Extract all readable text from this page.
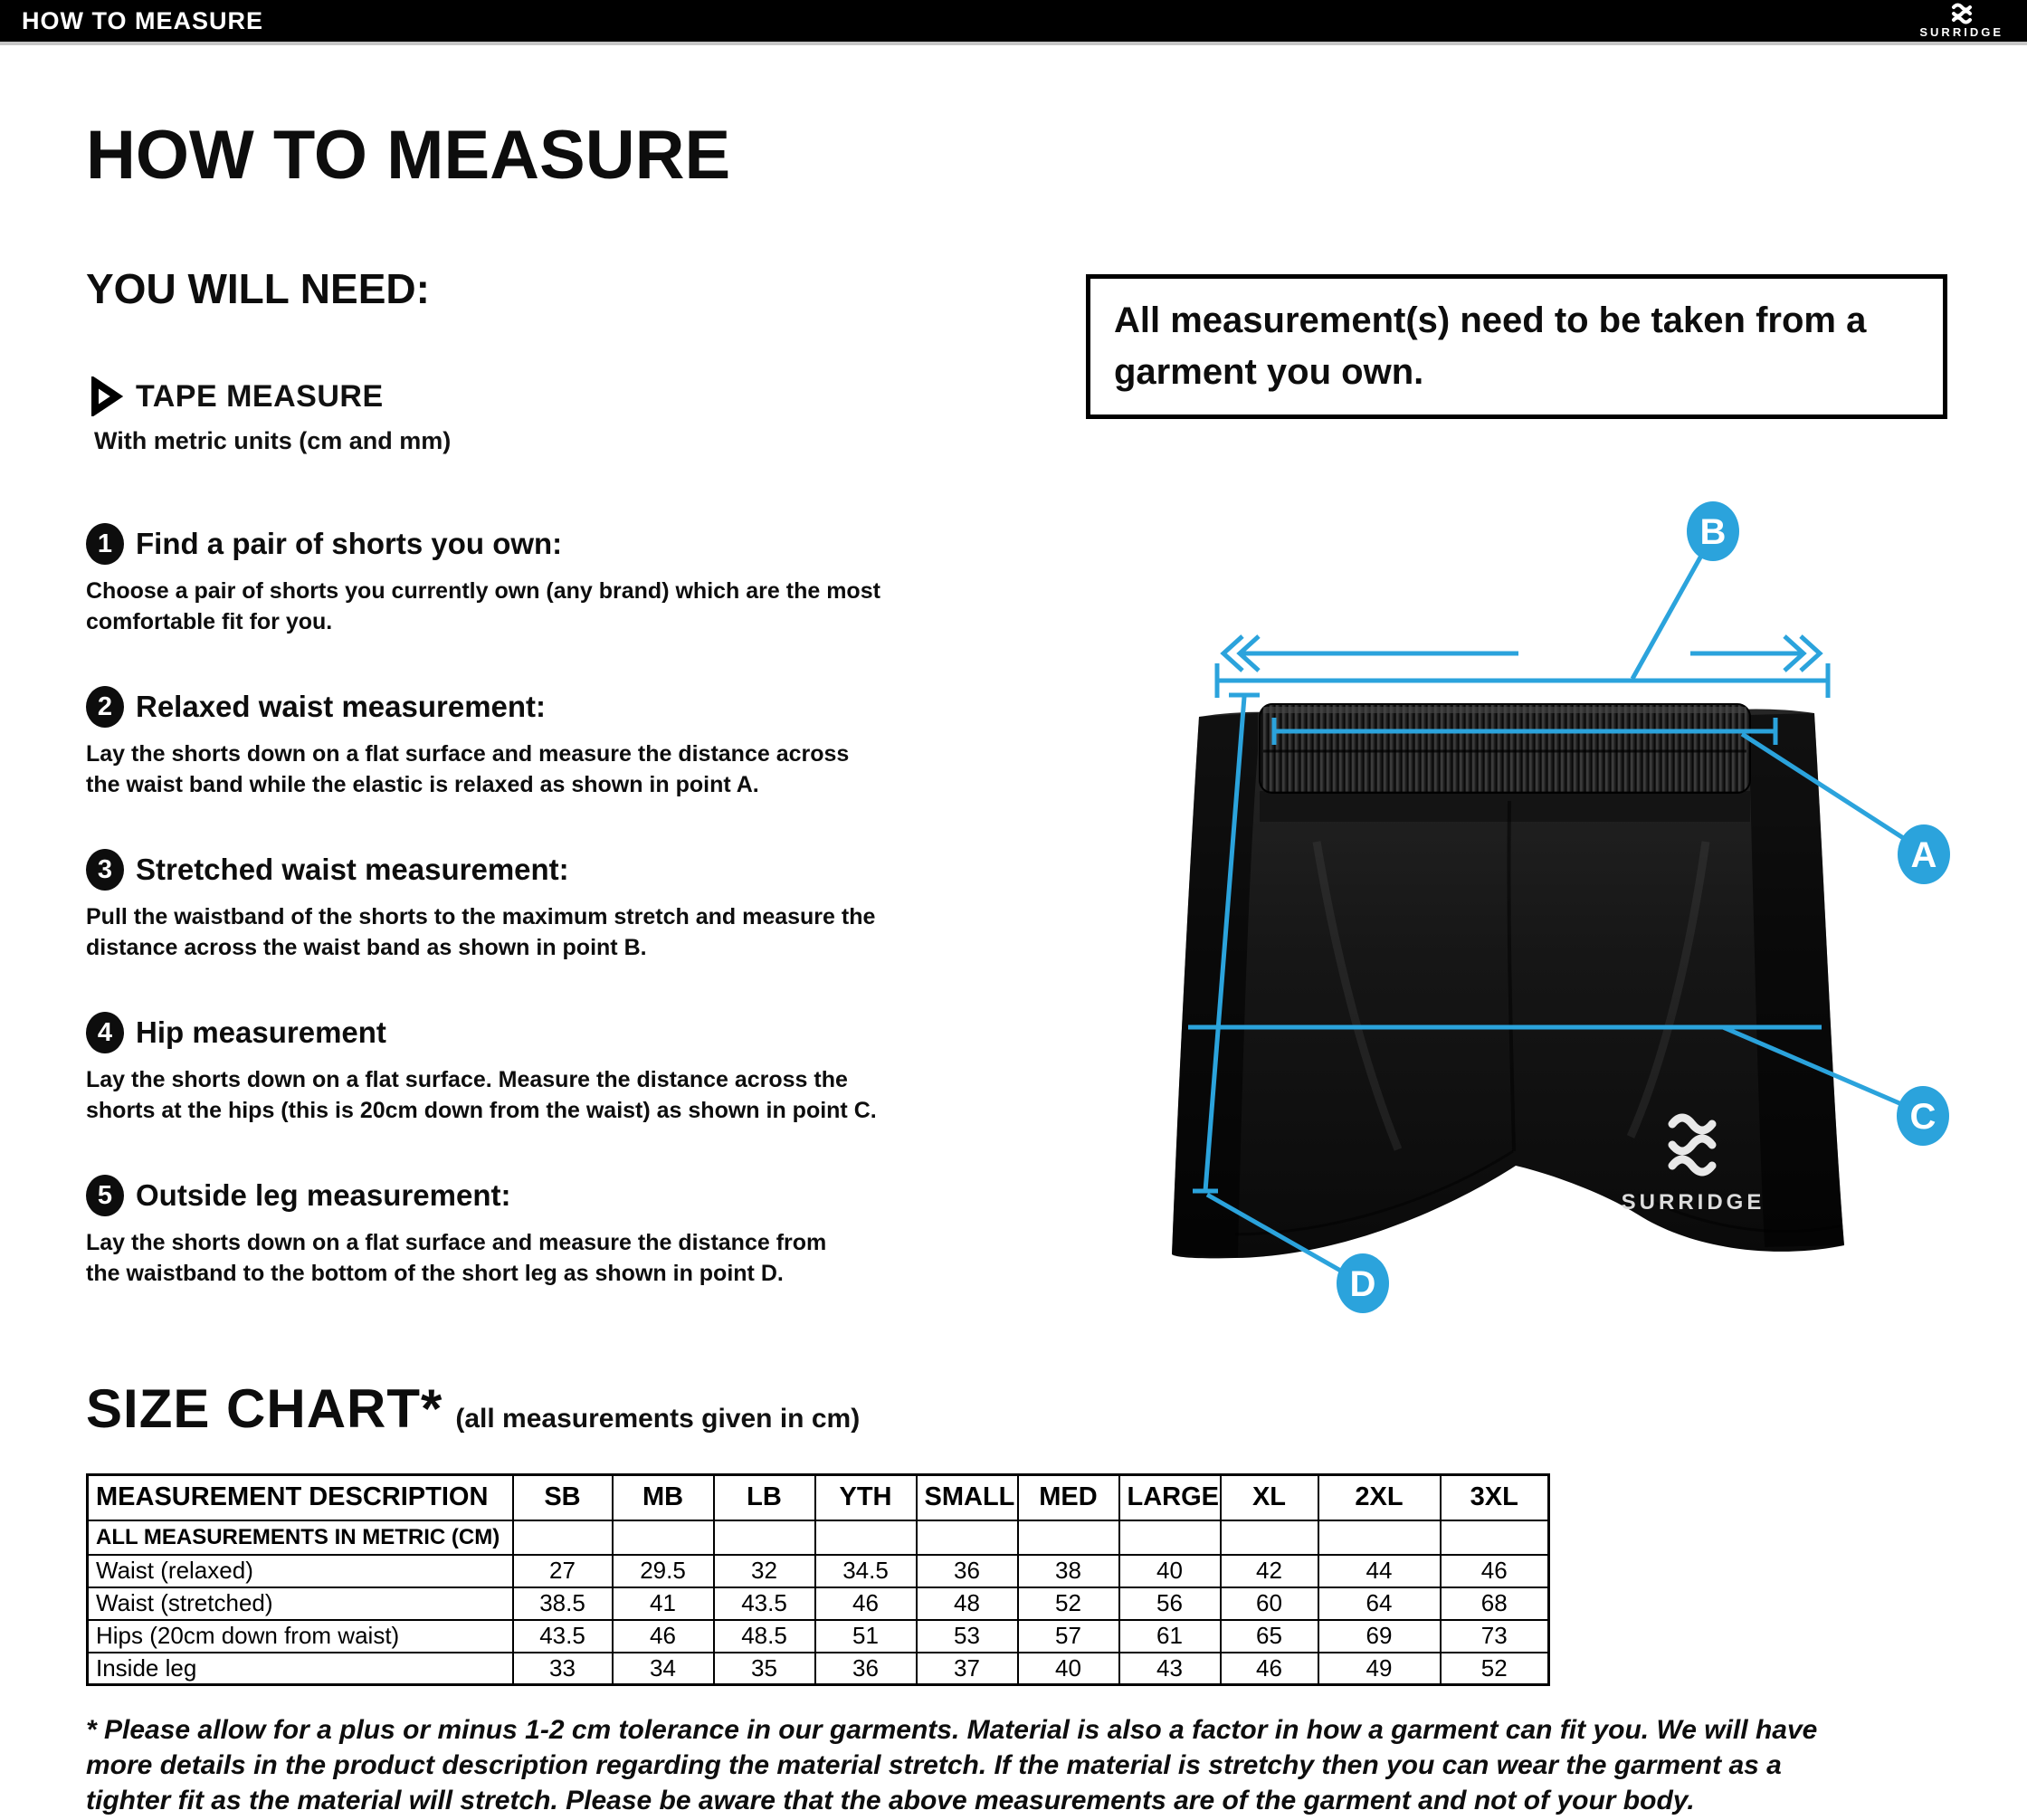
HOW TO MEASURE	SURRIDGE
HOW TO MEASURE
YOU WILL NEED:
TAPE MEASURE
With metric units (cm and mm)
1 Find a pair of shorts you own:
Choose a pair of shorts you currently own (any brand) which are the most
comfortable fit for you.
2 Relaxed waist measurement:
Lay the shorts down on a flat surface and measure the distance across
the waist band while the elastic is relaxed as shown in point A.
3 Stretched waist measurement:
Pull the waistband of the shorts to the maximum stretch and measure the
distance across the waist band as shown in point B.
4 Hip measurement
Lay the shorts down on a flat surface. Measure the distance across the
shorts at the hips (this is 20cm down from the waist) as shown in point C.
5 Outside leg measurement:
Lay the shorts down on a flat surface and measure the distance from
the waistband to the bottom of the short leg as shown in point D.
All measurement(s) need to be taken from a
garment you own.
SURRIDGE
B
A
C
D
SIZE CHART* (all measurements given in cm)
MEASUREMENT DESCRIPTION	SB	MB	LB	YTH	SMALL	MED	LARGE	XL	2XL	3XL
ALL MEASUREMENTS IN METRIC (CM)										
Waist (relaxed)	27	29.5	32	34.5	36	38	40	42	44	46
Waist (stretched)	38.5	41	43.5	46	48	52	56	60	64	68
Hips (20cm down from waist)	43.5	46	48.5	51	53	57	61	65	69	73
Inside leg	33	34	35	36	37	40	43	46	49	52
* Please allow for a plus or minus 1-2 cm tolerance in our garments. Material is also a factor in how a garment can fit you. We will have
more details in the product description regarding the material stretch. If the material is stretchy then you can wear the garment as a
tighter fit as the material will stretch. Please be aware that the above measurements are of the garment and not of your body.
